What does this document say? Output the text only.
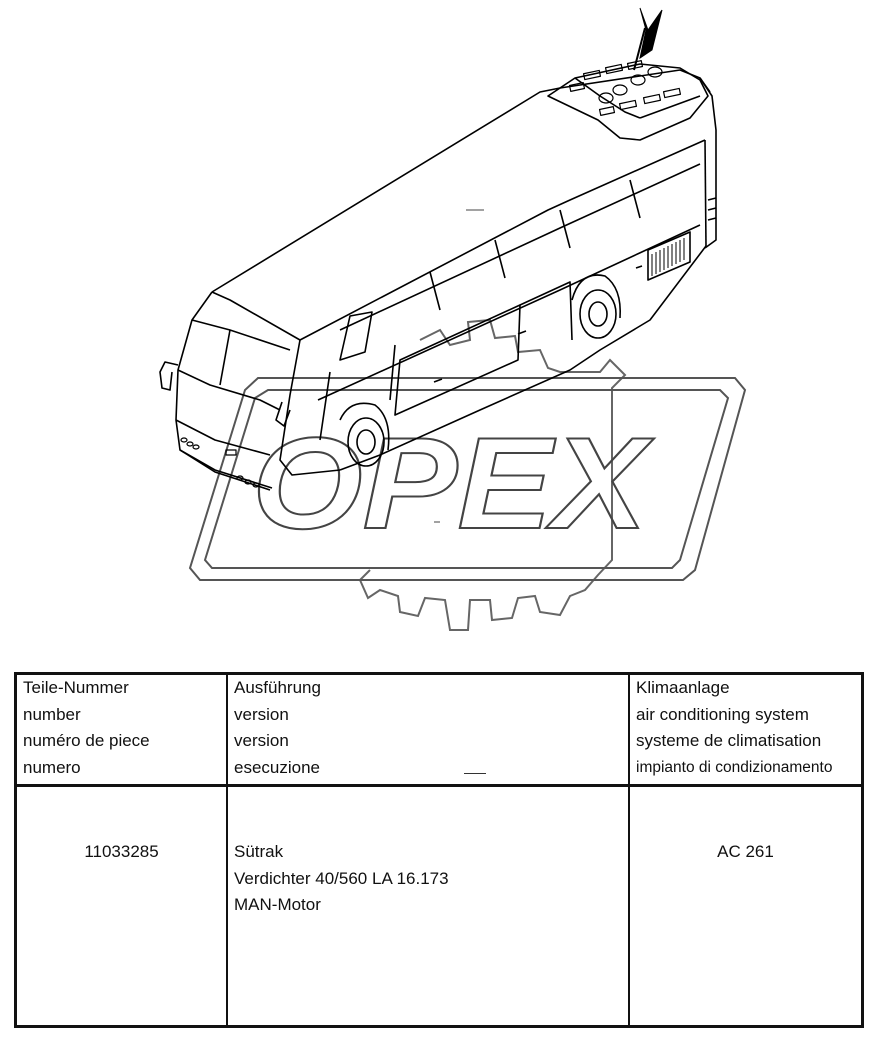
OPEX
Teile-Nummer
number
numéro de piece
numero
Ausführung
version
version
esecuzione
Klimaanlage
air conditioning system
systeme de climatisation
impianto di condizionamento
11033285	Sütrak
Verdichter 40/560 LA 16.173
MAN-Motor
AC 261
